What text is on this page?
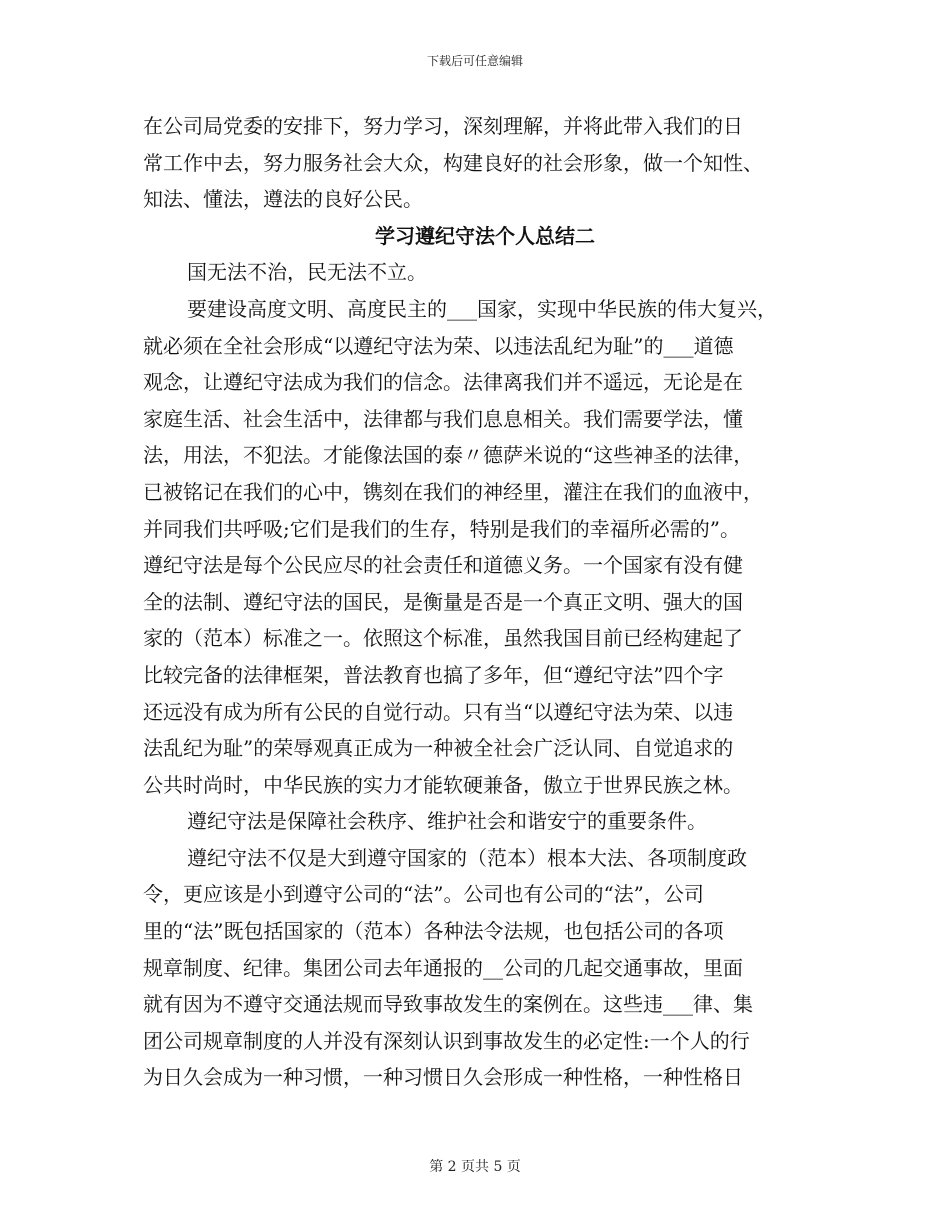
下载后可任意编辑
在公司局党委的安排下，努力学习，深刻理解，并将此带入我们的日
常工作中去，努力服务社会大众，构建良好的社会形象，做一个知性、
知法、懂法，遵法的良好公民。
学习遵纪守法个人总结二
国无法不治，民无法不立。
要建设高度文明、高度民主的___国家，实现中华民族的伟大复兴，
就必须在全社会形成“以遵纪守法为荣、以违法乱纪为耻”的___道德
观念，让遵纪守法成为我们的信念。法律离我们并不遥远，无论是在
家庭生活、社会生活中，法律都与我们息息相关。我们需要学法，懂
法，用法，不犯法。才能像法国的泰〃德萨米说的“这些神圣的法律，
已被铭记在我们的心中，镌刻在我们的神经里，灌注在我们的血液中，
并同我们共呼吸;它们是我们的生存，特别是我们的幸福所必需的”。
遵纪守法是每个公民应尽的社会责任和道德义务。一个国家有没有健
全的法制、遵纪守法的国民，是衡量是否是一个真正文明、强大的国
家的（范本）标准之一。依照这个标准，虽然我国目前已经构建起了
比较完备的法律框架，普法教育也搞了多年，但“遵纪守法”四个字
还远没有成为所有公民的自觉行动。只有当“以遵纪守法为荣、以违
法乱纪为耻”的荣辱观真正成为一种被全社会广泛认同、自觉追求的
公共时尚时，中华民族的实力才能软硬兼备，傲立于世界民族之林。
遵纪守法是保障社会秩序、维护社会和谐安宁的重要条件。
遵纪守法不仅是大到遵守国家的（范本）根本大法、各项制度政
令，更应该是小到遵守公司的“法”。公司也有公司的“法”，公司
里的“法”既包括国家的（范本）各种法令法规，也包括公司的各项
规章制度、纪律。集团公司去年通报的__公司的几起交通事故，里面
就有因为不遵守交通法规而导致事故发生的案例在。这些违___律、集
团公司规章制度的人并没有深刻认识到事故发生的必定性:一个人的行
为日久会成为一种习惯，一种习惯日久会形成一种性格，一种性格日
第 2 页共 5 页
